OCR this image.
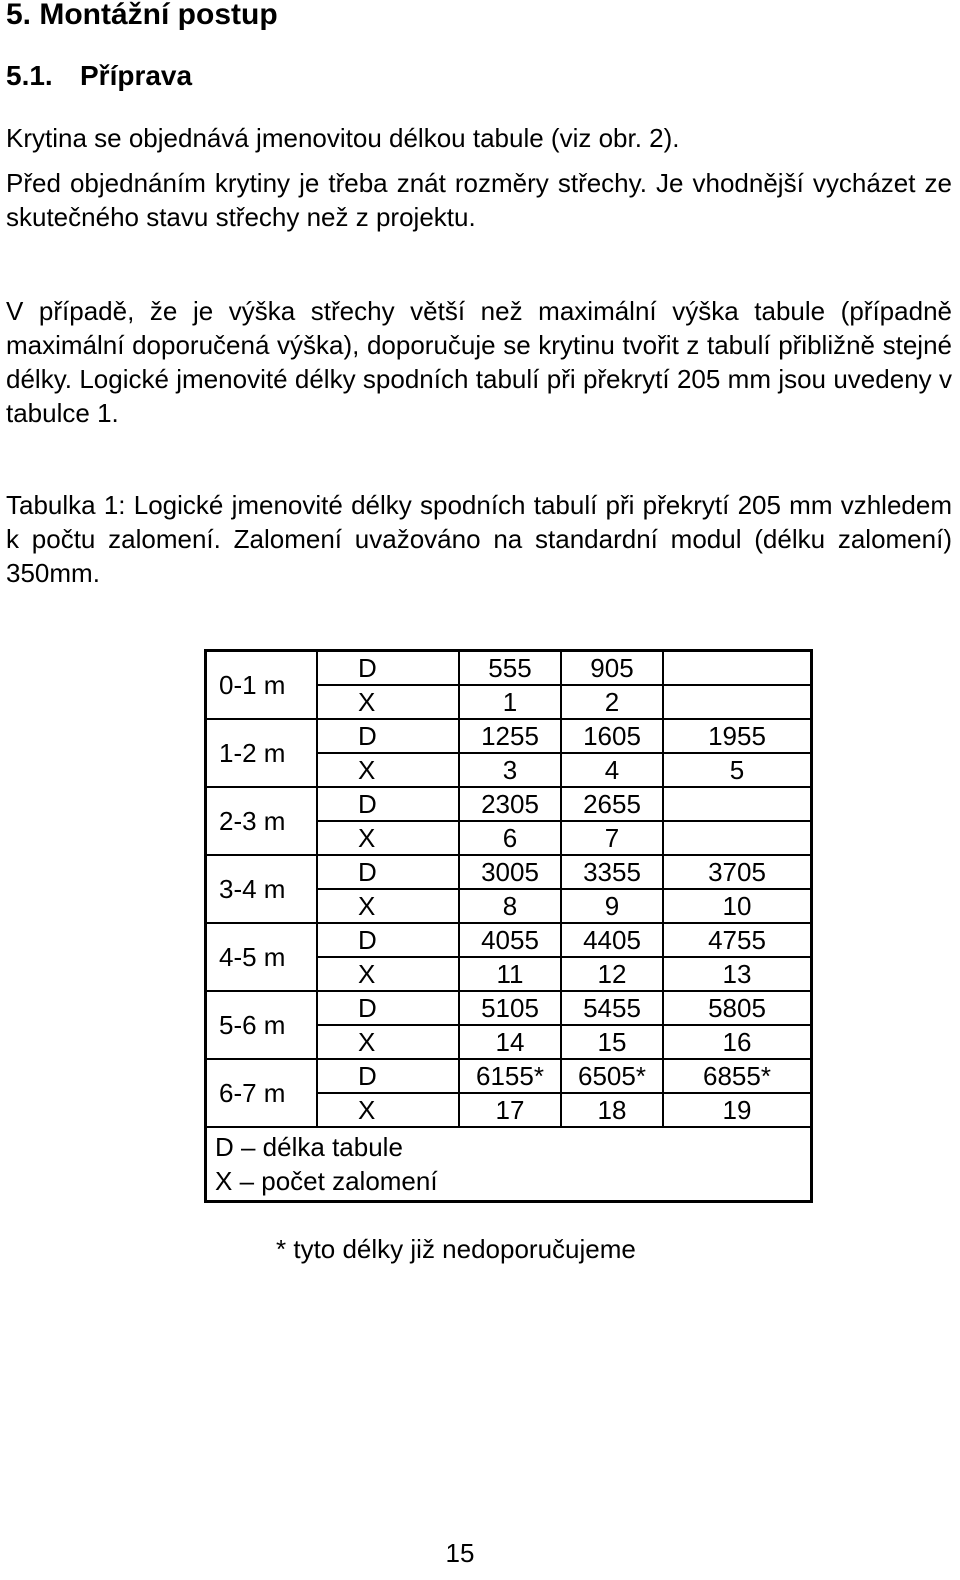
5. Montážní postup
5.1. Příprava

Krytina se objednává jmenovitou délkou tabule (viz obr. 2).

Před objednáním krytiny je třeba znát rozměry střechy. Je vhodnější vycházet ze skutečného stavu střechy než z projektu.

V případě, že je výška střechy větší než maximální výška tabule (případně maximální doporučená výška), doporučuje se krytinu tvořit z tabulí přibližně stejné délky. Logické jmenovité délky spodních tabulí při překrytí 205 mm jsou uvedeny v tabulce 1.

Tabulka 1: Logické jmenovité délky spodních tabulí při překrytí 205 mm vzhledem k počtu zalomení. Zalomení uvažováno na standardní modul (délku zalomení) 350mm.

0-1 m	D	555	905	
	X	1	2	
1-2 m	D	1255	1605	1955
	X	3	4	5
2-3 m	D	2305	2655	
	X	6	7	
3-4 m	D	3005	3355	3705
	X	8	9	10
4-5 m	D	4055	4405	4755
	X	11	12	13
5-6 m	D	5105	5455	5805
	X	14	15	16
6-7 m	D	6155*	6505*	6855*
	X	17	18	19

D – délka tabule
X – počet zalomení				
* tyto délky již nedoporučujeme
15
